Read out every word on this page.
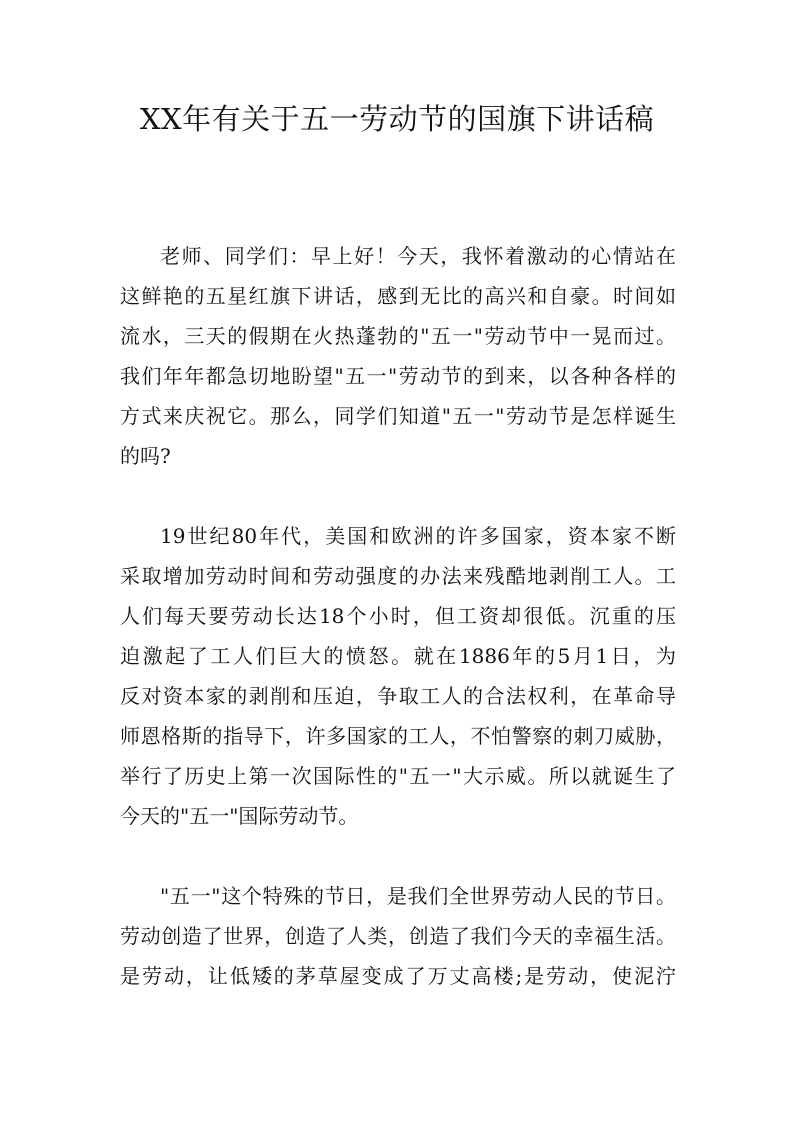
XX年有关于五一劳动节的国旗下讲话稿
老师、同学们：早上好！今天，我怀着激动的心情站在
这鲜艳的五星红旗下讲话，感到无比的高兴和自豪。时间如
流水，三天的假期在火热蓬勃的"五一"劳动节中一晃而过。
我们年年都急切地盼望"五一"劳动节的到来，以各种各样的
方式来庆祝它。那么，同学们知道"五一"劳动节是怎样诞生
的吗?
19世纪80年代，美国和欧洲的许多国家，资本家不断
采取增加劳动时间和劳动强度的办法来残酷地剥削工人。工
人们每天要劳动长达18个小时，但工资却很低。沉重的压
迫激起了工人们巨大的愤怒。就在1886年的5月1日，为
反对资本家的剥削和压迫，争取工人的合法权利，在革命导
师恩格斯的指导下，许多国家的工人，不怕警察的刺刀威胁，
举行了历史上第一次国际性的"五一"大示威。所以就诞生了
今天的"五一"国际劳动节。
"五一"这个特殊的节日，是我们全世界劳动人民的节日。
劳动创造了世界，创造了人类，创造了我们今天的幸福生活。
是劳动，让低矮的茅草屋变成了万丈高楼;是劳动，使泥泞
